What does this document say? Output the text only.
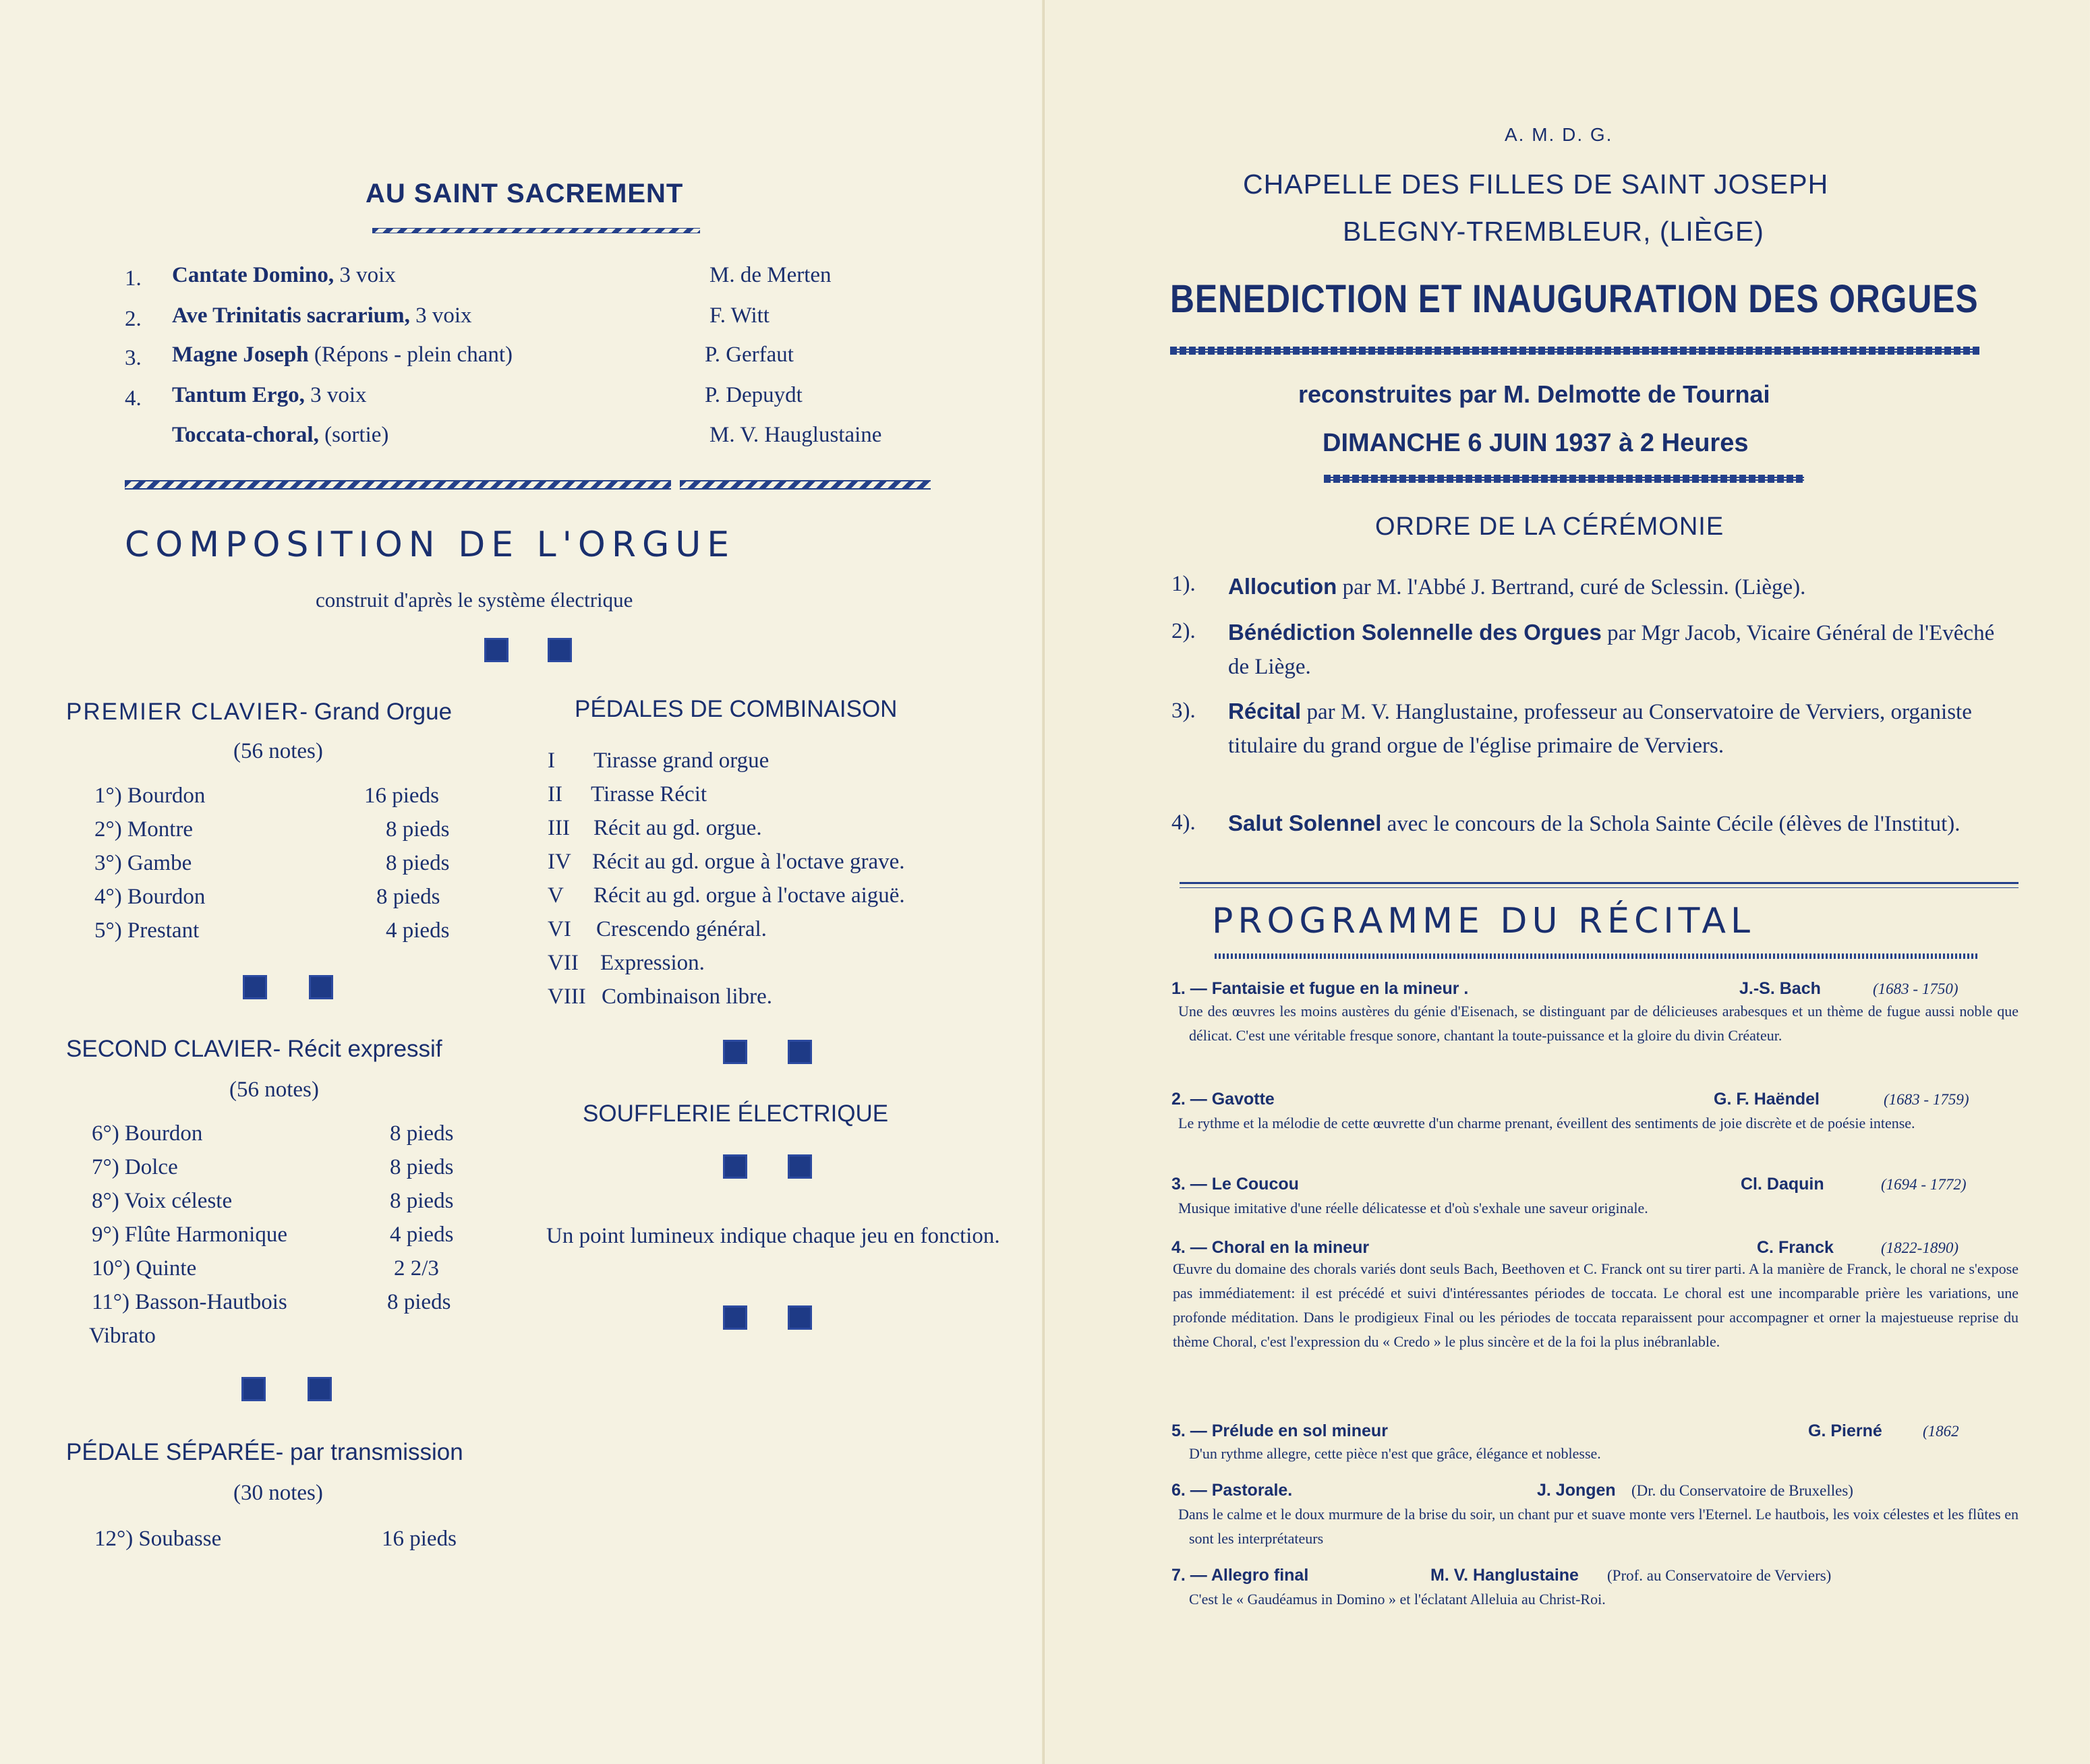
AU SAINT SACREMENT
1. Cantate Domino, 3 voix	M. de Merten
2. Ave Trinitatis sacrarium, 3 voix	F. Witt
3. Magne Joseph (Répons - plein chant)	P. Gerfaut
4. Tantum Ergo, 3 voix	P. Depuydt
Toccata-choral, (sortie)	M. V. Hauglustaine
COMPOSITION DE L'ORGUE
construit d'après le système électrique
PREMIER CLAVIER- Grand Orgue
(56 notes)
1°) Bourdon	16 pieds
2°) Montre	8 pieds
3°) Gambe	8 pieds
4°) Bourdon	8 pieds
5°) Prestant	4 pieds
SECOND CLAVIER- Récit expressif
(56 notes)
6°) Bourdon	8 pieds
7°) Dolce	8 pieds
8°) Voix céleste	8 pieds
9°) Flûte Harmonique	4 pieds
10°) Quinte	2 2/3
11°) Basson-Hautbois	8 pieds
Vibrato
PÉDALE SÉPARÉE- par transmission
(30 notes)
12°) Soubasse	16 pieds
PÉDALES DE COMBINAISON
I Tirasse grand orgue
II Tirasse Récit
III Récit au gd. orgue.
IV Récit au gd. orgue à l'octave grave.
V Récit au gd. orgue à l'octave aiguë.
VI Crescendo général.
VII Expression.
VIII Combinaison libre.
SOUFFLERIE ÉLECTRIQUE
Un point lumineux indique chaque jeu en fonction.
A. M. D. G.
CHAPELLE DES FILLES DE SAINT JOSEPH
BLEGNY-TREMBLEUR, (LIÈGE)
BENEDICTION ET INAUGURATION DES ORGUES
reconstruites par M. Delmotte de Tournai
DIMANCHE 6 JUIN 1937 à 2 Heures
ORDRE DE LA CÉRÉMONIE
1). Allocution par M. l'Abbé J. Bertrand, curé de Sclessin. (Liège).
2). Bénédiction Solennelle des Orgues par Mgr Jacob, Vicaire Général de l'Evêché de Liège.
3). Récital par M. V. Hanglustaine, professeur au Conservatoire de Verviers, organiste titulaire du grand orgue de l'église primaire de Verviers.
4). Salut Solennel avec le concours de la Schola Sainte Cécile (élèves de l'Institut).
PROGRAMME DU RÉCITAL
1. — Fantaisie et fugue en la mineur .	J.-S. Bach	(1683 - 1750)
Une des œuvres les moins austères du génie d'Eisenach, se distinguant par de délicieuses arabesques et un thème de fugue aussi noble que délicat. C'est une véritable fresque sonore, chantant la toute-puissance et la gloire du divin Créateur.
2. — Gavotte	G. F. Haëndel	(1683 - 1759)
Le rythme et la mélodie de cette œuvrette d'un charme prenant, éveillent des sentiments de joie discrète et de poésie intense.
3. — Le Coucou	Cl. Daquin	(1694 - 1772)
Musique imitative d'une réelle délicatesse et d'où s'exhale une saveur originale.
4. — Choral en la mineur	C. Franck	(1822-1890)
Œuvre du domaine des chorals variés dont seuls Bach, Beethoven et C. Franck ont su tirer parti. A la manière de Franck, le choral ne s'expose pas immédiatement: il est précédé et suivi d'intéressantes périodes de toccata. Le choral est une incomparable prière les variations, une profonde méditation. Dans le prodigieux Final ou les périodes de toccata reparaissent pour accompagner et orner la majestueuse reprise du thème Choral, c'est l'expression du « Credo » le plus sincère et de la foi la plus inébranlable.
5. — Prélude en sol mineur	G. Pierné	(1862
D'un rythme allegre, cette pièce n'est que grâce, élégance et noblesse.
6. — Pastorale.	J. Jongen (Dr. du Conservatoire de Bruxelles)
Dans le calme et le doux murmure de la brise du soir, un chant pur et suave monte vers l'Eternel. Le hautbois, les voix célestes et les flûtes en sont les interprétateurs
7. — Allegro final	M. V. Hanglustaine (Prof. au Conservatoire de Verviers)
C'est le « Gaudéamus in Domino » et l'éclatant Alleluia au Christ-Roi.
